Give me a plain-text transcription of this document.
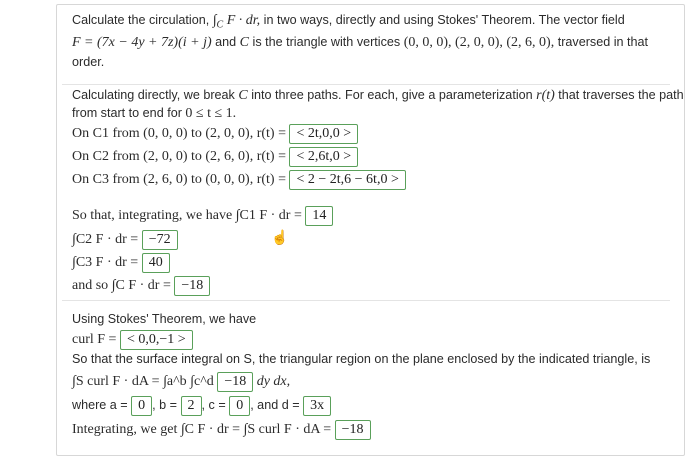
Calculate the circulation, $\int_C$ F · dr, in two ways, directly and using Stokes' Theorem. The vector field
F = (7x − 4y + 7z)(i + j) and C is the triangle with vertices (0, 0, 0), (2, 0, 0), (2, 6, 0), traversed in that
order.
Calculating directly, we break C into three paths. For each, give a parameterization r(t) that traverses the path
from start to end for 0 ≤ t ≤ 1.
On C1 from (0, 0, 0) to (2, 0, 0), r(t) = < 2t,0,0 >
On C2 from (2, 0, 0) to (2, 6, 0), r(t) = < 2,6t,0 >
On C3 from (2, 6, 0) to (0, 0, 0), r(t) = < 2 − 2t,6 − 6t,0 >
So that, integrating, we have ∫C1 F · dr = 14
∫C2 F · dr = −72
∫C3 F · dr = 40
and so ∫C F · dr = −18
☝
Using Stokes' Theorem, we have
curl F = < 0,0,−1 >
So that the surface integral on S, the triangular region on the plane enclosed by the indicated triangle, is
∫S curl F · dA = ∫a^b ∫c^d −18 dy dx,
where a = 0 , b = 2 , c = 0 , and d = 3x
Integrating, we get ∫C F · dr = ∫S curl F · dA = −18
